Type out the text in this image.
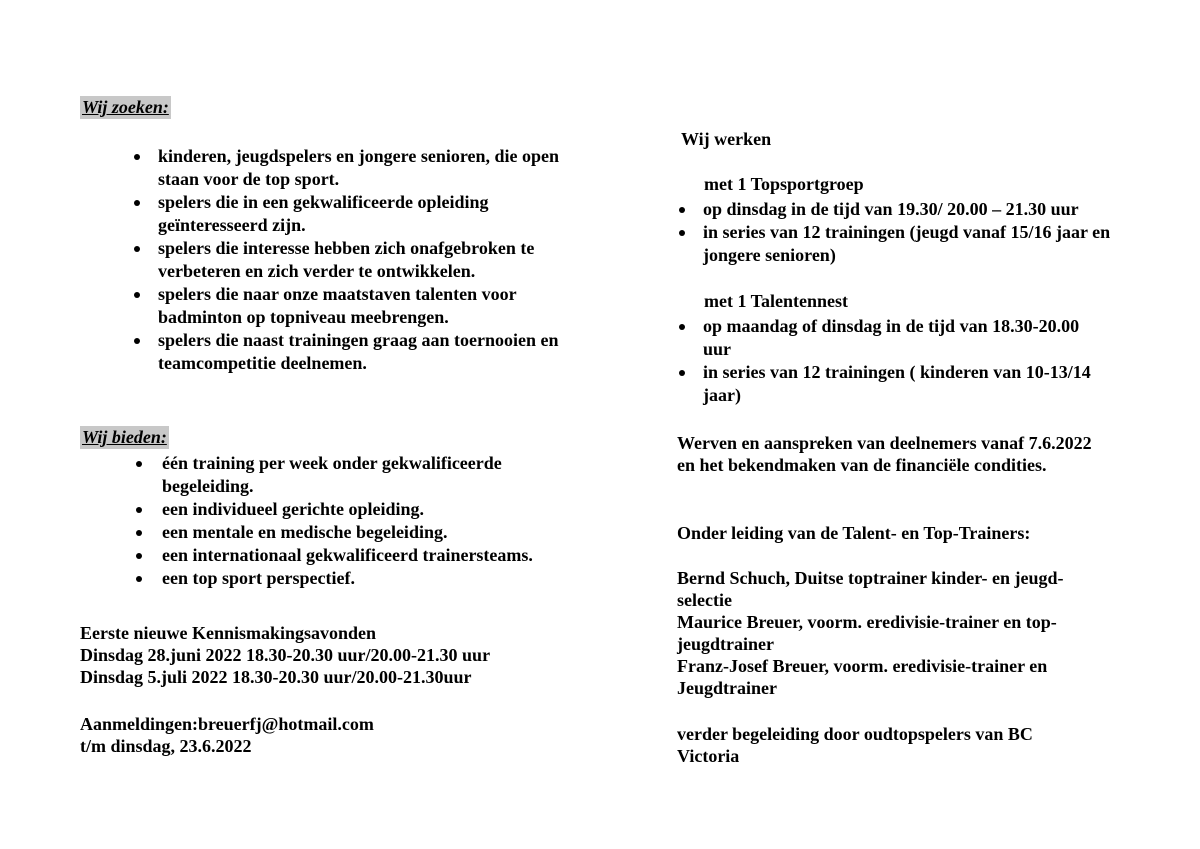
Wij zoeken:
kinderen, jeugdspelers en jongere senioren, die open staan voor de top sport.
spelers die in een gekwalificeerde opleiding geïnteresseerd zijn.
spelers die interesse hebben zich onafgebroken te verbeteren en zich verder te ontwikkelen.
spelers die naar onze maatstaven talenten voor badminton op topniveau meebrengen.
spelers die naast trainingen graag aan toernooien en teamcompetitie deelnemen.
Wij bieden:
één training per week onder gekwalificeerde begeleiding.
een individueel gerichte opleiding.
een mentale en medische begeleiding.
een internationaal gekwalificeerd trainersteams.
een top sport perspectief.
Eerste nieuwe Kennismakingsavonden
Dinsdag 28.juni 2022 18.30-20.30 uur/20.00-21.30 uur
Dinsdag 5.juli 2022 18.30-20.30 uur/20.00-21.30uur
Aanmeldingen:breuerfj@hotmail.com
t/m dinsdag, 23.6.2022
Wij werken
met 1 Topsportgroep
op dinsdag in de tijd van 19.30/ 20.00 – 21.30 uur
in series van 12 trainingen (jeugd vanaf 15/16 jaar en jongere senioren)
met 1 Talentennest
op maandag of dinsdag in de tijd van 18.30-20.00 uur
in series van 12 trainingen ( kinderen van 10-13/14 jaar)
Werven en aanspreken van deelnemers vanaf 7.6.2022 en het bekendmaken van de financiële condities.
Onder leiding van de Talent- en Top-Trainers:
Bernd Schuch, Duitse toptrainer kinder- en jeugd-selectie
Maurice Breuer, voorm. eredivisie-trainer en top-jeugdtrainer
Franz-Josef Breuer, voorm. eredivisie-trainer en Jeugdtrainer
verder begeleiding door oudtopspelers van BC Victoria
